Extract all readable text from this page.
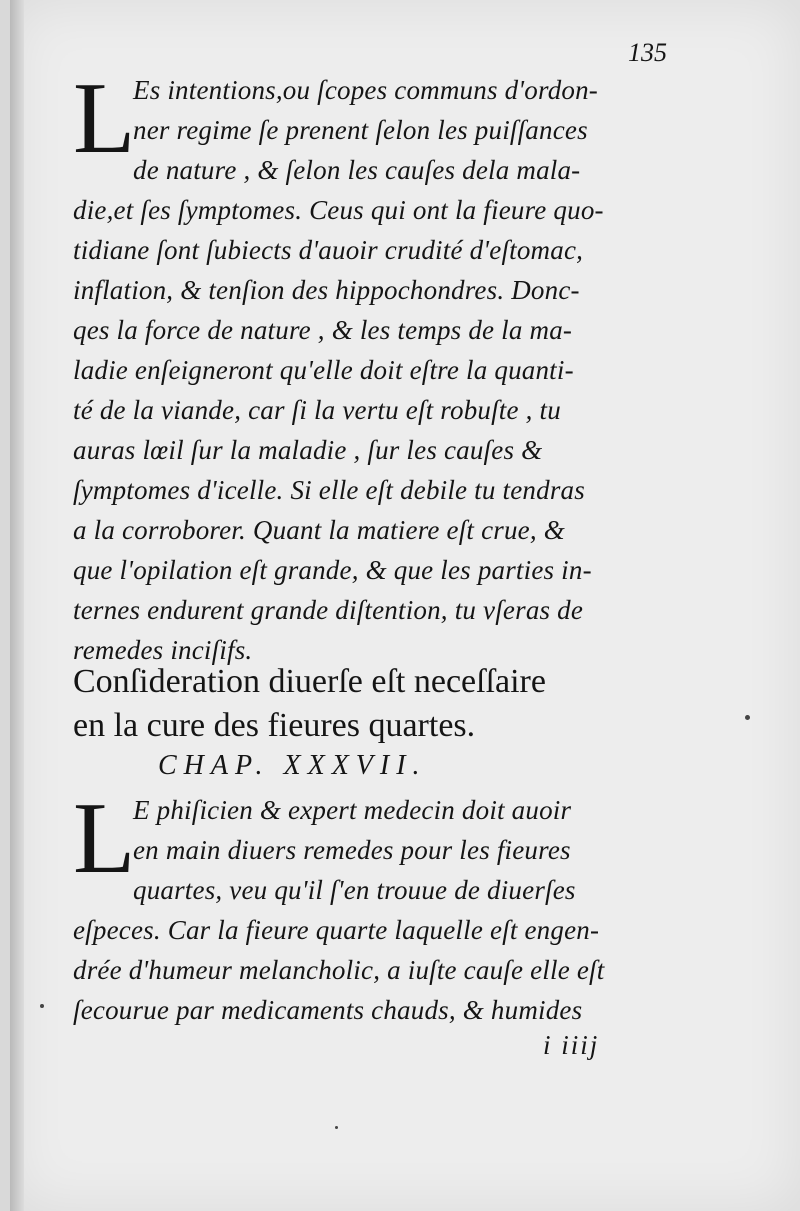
135
L
Es intentions,ou ſcopes communs d'ordon-
ner regime ſe prenent ſelon les puiſſances
de nature , & ſelon les cauſes dela mala-
die,et ſes ſymptomes. Ceus qui ont la fieure quo-
tidiane ſont ſubiects d'auoir crudité d'eſtomac,
inflation, & tenſion des hippochondres. Donc-
qes la force de nature , & les temps de la ma-
ladie enſeigneront qu'elle doit eſtre la quanti-
té de la viande, car ſi la vertu eſt robuſte , tu
auras lœil ſur la maladie , ſur les cauſes &
ſymptomes d'icelle. Si elle eſt debile tu tendras
a la corroborer. Quant la matiere eſt crue, &
que l'opilation eſt grande, & que les parties in-
ternes endurent grande diſtention, tu vſeras de
remedes inciſifs.
Conſideration diuerſe eſt neceſſaire
en la cure des fieures quartes.
CHAP. XXXVII.
L
E phiſicien & expert medecin doit auoir
en main diuers remedes pour les fieures
quartes, veu qu'il ſ'en trouue de diuerſes
eſpeces. Car la fieure quarte laquelle eſt engen-
drée d'humeur melancholic, a iuſte cauſe elle eſt
ſecourue par medicaments chauds, & humides
i iiij
